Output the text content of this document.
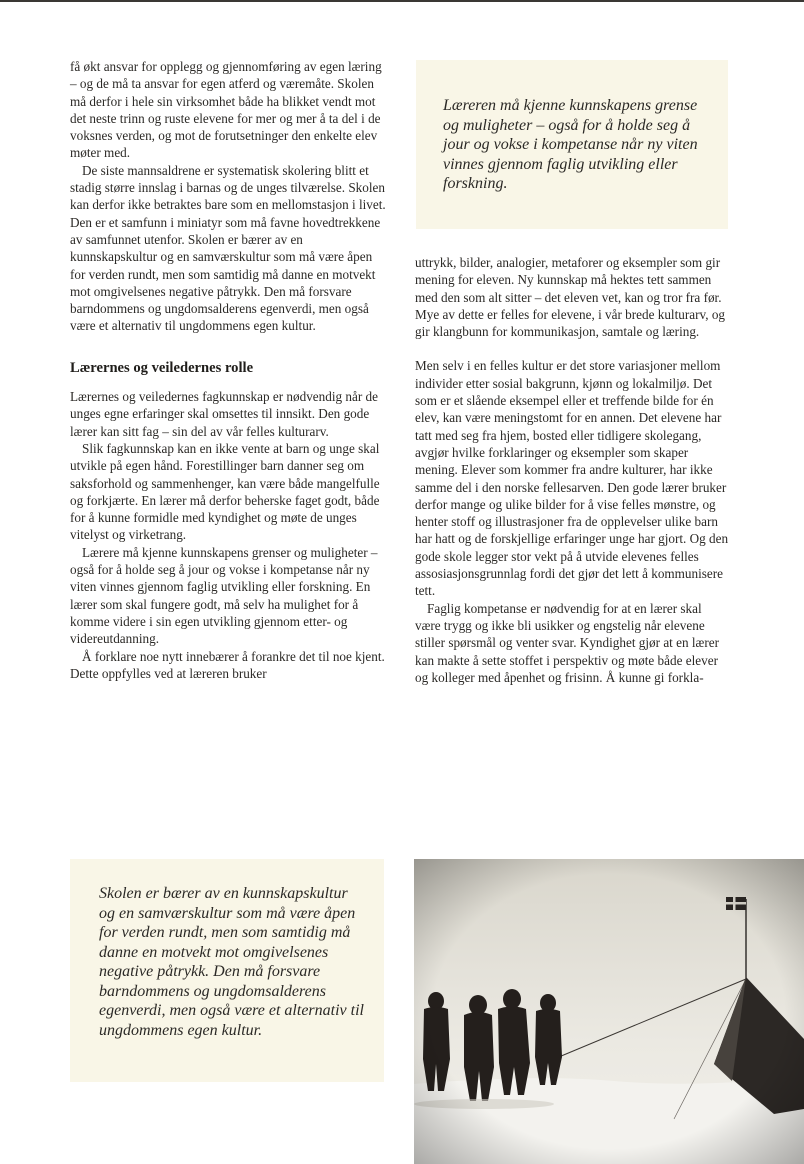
få økt ansvar for opplegg og gjennomføring av egen læring – og de må ta ansvar for egen atferd og væremåte. Skolen må derfor i hele sin virksomhet både ha blikket vendt mot det neste trinn og ruste elevene for mer og mer å ta del i de voksnes verden, og mot de forutsetninger den enkelte elev møter med.

De siste mannsaldrene er systematisk skolering blitt et stadig større innslag i barnas og de unges tilværelse. Skolen kan derfor ikke betraktes bare som en mellomstasjon i livet. Den er et samfunn i miniatyr som må favne hovedtrekkene av samfunnet utenfor. Skolen er bærer av en kunnskapskultur og en samværskultur som må være åpen for verden rundt, men som samtidig må danne en motvekt mot omgivelsenes negative påtrykk. Den må forsvare barndommens og ungdomsalderens egenverdi, men også være et alternativ til ungdommens egen kultur.

Lærernes og veiledernes rolle

Lærernes og veiledernes fagkunnskap er nødvendig når de unges egne erfaringer skal omsettes til innsikt. Den gode lærer kan sitt fag – sin del av vår felles kulturarv.

Slik fagkunnskap kan en ikke vente at barn og unge skal utvikle på egen hånd. Forestillinger barn danner seg om saksforhold og sammenhenger, kan være både mangelfulle og forkjærte. En lærer må derfor beherske faget godt, både for å kunne formidle med kyndighet og møte de unges vitelyst og virketrang.

Lærere må kjenne kunnskapens grenser og muligheter – også for å holde seg å jour og vokse i kompetanse når ny viten vinnes gjennom faglig utvikling eller forskning. En lærer som skal fungere godt, må selv ha mulighet for å komme videre i sin egen utvikling gjennom etter- og videreutdanning.

Å forklare noe nytt innebærer å forankre det til noe kjent. Dette oppfylles ved at læreren bruker

Læreren må kjenne kunnskapens grense og muligheter – også for å holde seg å jour og vokse i kompetanse når ny viten vinnes gjennom faglig utvikling eller forskning.

uttrykk, bilder, analogier, metaforer og eksempler som gir mening for eleven. Ny kunnskap må hektes tett sammen med den som alt sitter – det eleven vet, kan og tror fra før. Mye av dette er felles for elevene, i vår brede kulturarv, og gir klangbunn for kommunikasjon, samtale og læring.

Men selv i en felles kultur er det store variasjoner mellom individer etter sosial bakgrunn, kjønn og lokalmiljø. Det som er et slående eksempel eller et treffende bilde for én elev, kan være meningstomt for en annen. Det elevene har tatt med seg fra hjem, bosted eller tidligere skolegang, avgjør hvilke forklaringer og eksempler som skaper mening. Elever som kommer fra andre kulturer, har ikke samme del i den norske fellesarven. Den gode lærer bruker derfor mange og ulike bilder for å vise felles mønstre, og henter stoff og illustrasjoner fra de opplevelser ulike barn har hatt og de forskjellige erfaringer unge har gjort. Og den gode skole legger stor vekt på å utvide elevenes felles assosiasjonsgrunnlag fordi det gjør det lett å kommunisere tett.

Faglig kompetanse er nødvendig for at en lærer skal være trygg og ikke bli usikker og engstelig når elevene stiller spørsmål og venter svar. Kyndighet gjør at en lærer kan makte å sette stoffet i perspektiv og møte både elever og kolleger med åpenhet og frisinn. Å kunne gi forkla-

Skolen er bærer av en kunnskapskultur og en samværskultur som må være åpen for verden rundt, men som samtidig må danne en motvekt mot omgivelsenes negative påtrykk. Den må forsvare barndommens og ungdomsalderens egenverdi, men også være et alternativ til ungdommens egen kultur.
